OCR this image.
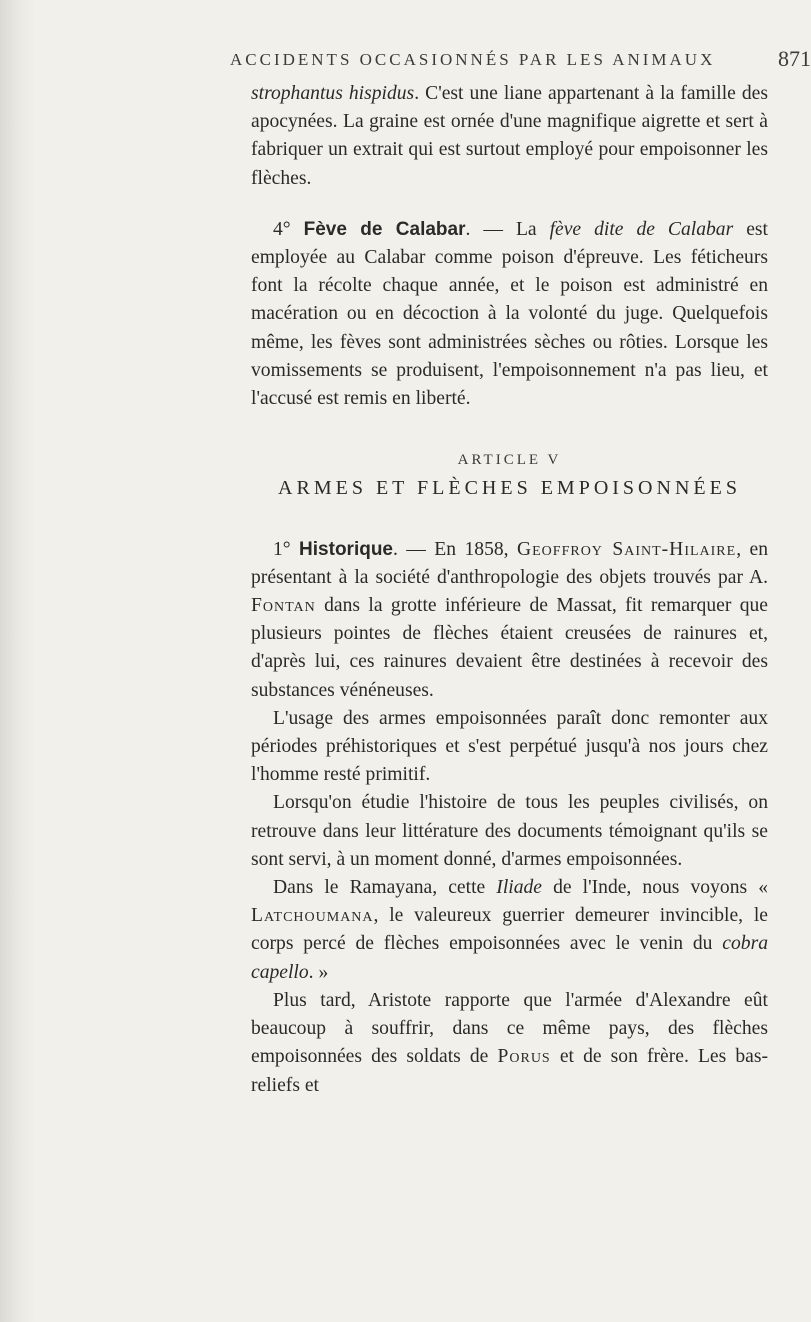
ACCIDENTS OCCASIONNÉS PAR LES ANIMAUX	871

strophantus hispidus. C'est une liane appartenant à la famille des apocynées. La graine est ornée d'une magnifique aigrette et sert à fabriquer un extrait qui est surtout employé pour empoisonner les flèches.

4° Fève de Calabar. — La fève dite de Calabar est employée au Calabar comme poison d'épreuve. Les féticheurs font la récolte chaque année, et le poison est administré en macération ou en décoction à la volonté du juge. Quelquefois même, les fèves sont administrées sèches ou rôties. Lorsque les vomissements se produisent, l'empoisonnement n'a pas lieu, et l'accusé est remis en liberté.

ARTICLE V

ARMES ET FLÈCHES EMPOISONNÉES

1° Historique. — En 1858, Geoffroy Saint-Hilaire, en présentant à la société d'anthropologie des objets trouvés par A. Fontan dans la grotte inférieure de Massat, fit remarquer que plusieurs pointes de flèches étaient creusées de rainures et, d'après lui, ces rainures devaient être destinées à recevoir des substances vénéneuses.

L'usage des armes empoisonnées paraît donc remonter aux périodes préhistoriques et s'est perpétué jusqu'à nos jours chez l'homme resté primitif.

Lorsqu'on étudie l'histoire de tous les peuples civilisés, on retrouve dans leur littérature des documents témoignant qu'ils se sont servi, à un moment donné, d'armes empoisonnées.

Dans le Ramayana, cette Iliade de l'Inde, nous voyons « Latchoumana, le valeureux guerrier demeurer invincible, le corps percé de flèches empoisonnées avec le venin du cobra capello. »

Plus tard, Aristote rapporte que l'armée d'Alexandre eût beaucoup à souffrir, dans ce même pays, des flèches empoisonnées des soldats de Porus et de son frère. Les bas-reliefs et
